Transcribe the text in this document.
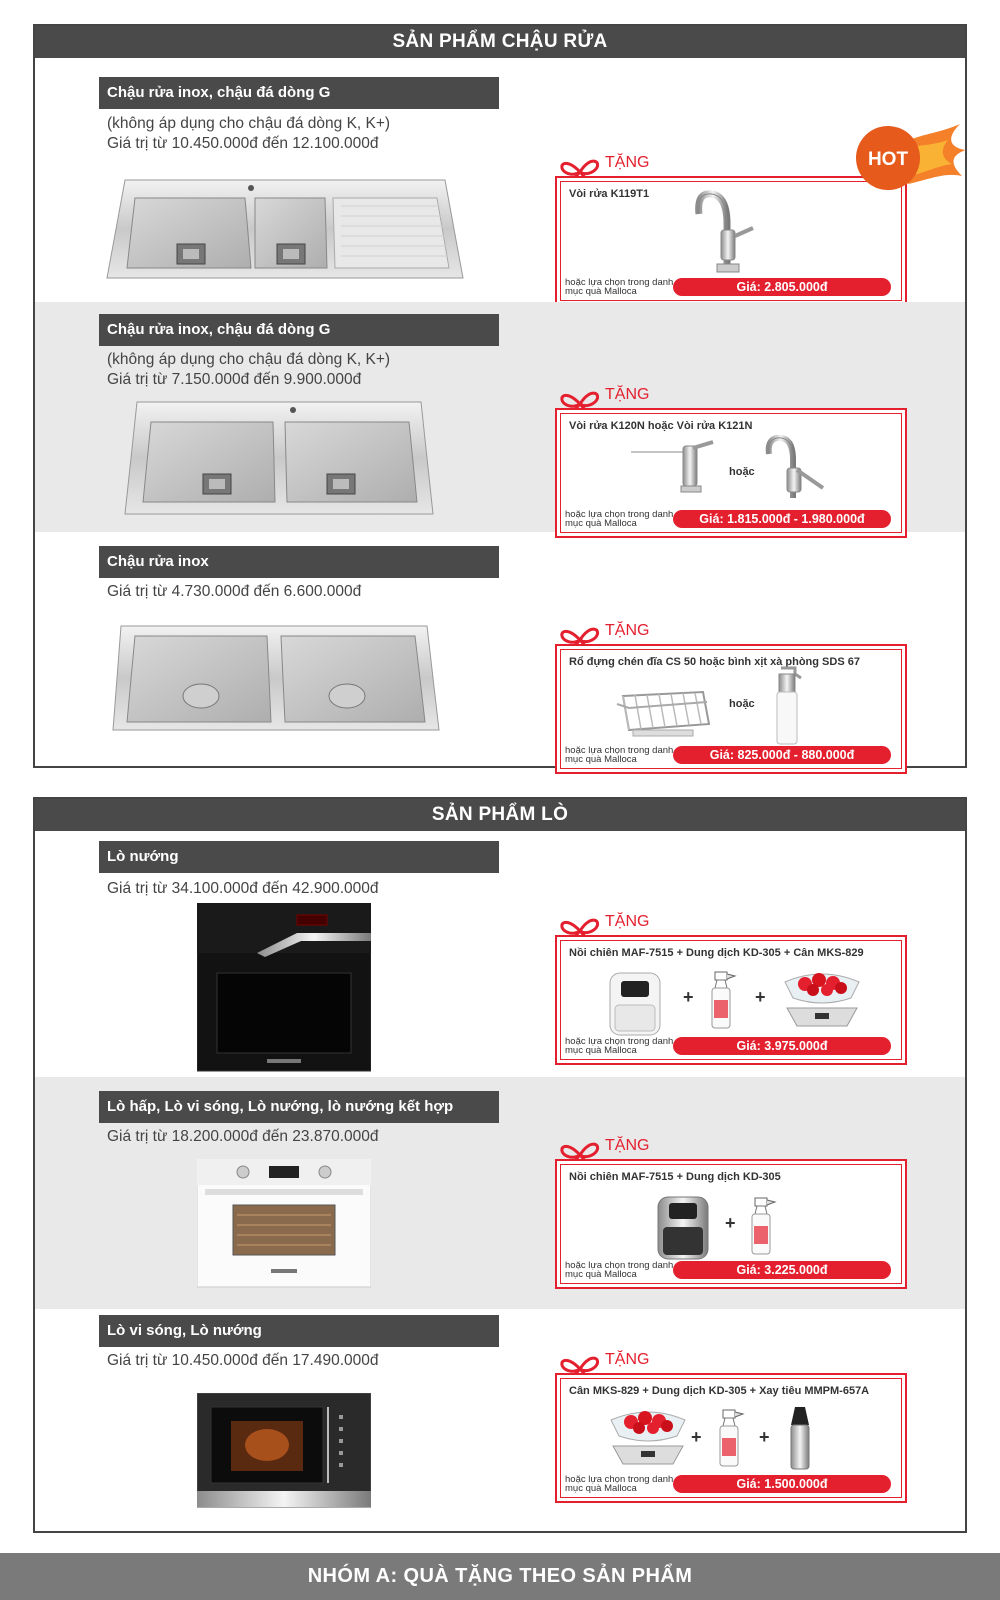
SẢN PHẨM CHẬU RỬA
Chậu rửa inox, chậu đá dòng G
(không áp dụng cho chậu đá dòng K, K+)
Giá trị từ 10.450.000đ đến 12.100.000đ
TẶNG
Vòi rửa K119T1
hoặc lựa chọn trong danh mục quà Malloca	Giá: 2.805.000đ
Chậu rửa inox, chậu đá dòng G
(không áp dụng cho chậu đá dòng K, K+)
Giá trị từ 7.150.000đ đến 9.900.000đ
TẶNG
Vòi rửa K120N hoặc Vòi rửa K121N
hoặc
hoặc lựa chọn trong danh mục quà Malloca	Giá: 1.815.000đ - 1.980.000đ
Chậu rửa inox
Giá trị từ 4.730.000đ đến 6.600.000đ
TẶNG
Rổ đựng chén đĩa CS 50 hoặc bình xịt xà phòng SDS 67
hoặc
hoặc lựa chọn trong danh mục quà Malloca	Giá: 825.000đ - 880.000đ
HOT
SẢN PHẨM LÒ
Lò nướng
Giá trị từ 34.100.000đ đến 42.900.000đ
TẶNG
Nồi chiên MAF-7515 + Dung dịch KD-305 + Cân MKS-829
+	+
hoặc lựa chọn trong danh mục quà Malloca	Giá: 3.975.000đ
Lò hấp, Lò vi sóng, Lò nướng, lò nướng kết hợp
Giá trị từ 18.200.000đ đến 23.870.000đ
TẶNG
Nồi chiên MAF-7515 + Dung dịch KD-305
+
hoặc lựa chọn trong danh mục quà Malloca	Giá: 3.225.000đ
Lò vi sóng, Lò nướng
Giá trị từ 10.450.000đ đến 17.490.000đ	TẶNG
Cân MKS-829 + Dung dịch KD-305 + Xay tiêu MMPM-657A
+	+
hoặc lựa chọn trong danh mục quà Malloca	Giá: 1.500.000đ
NHÓM A: QUÀ TẶNG THEO SẢN PHẨM
